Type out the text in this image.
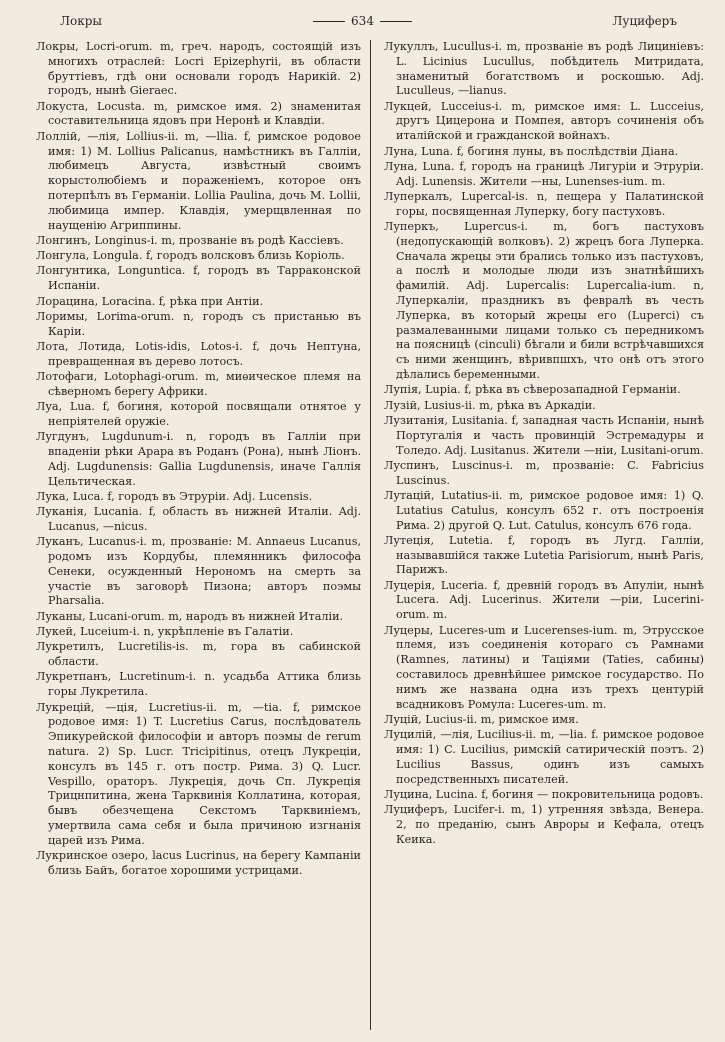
Локры	634	Луциферъ

Локры, Locri-orum. m, греч. народъ, состоящій изъ многихъ отраслей: Locri Epizephyrii, въ области бруттіевъ, гдѣ они основали городъ Нарикій. 2) городъ, нынѣ Gieraec.

Локуста, Locusta. m, римское имя. 2) знаменитая составительница ядовъ при Неронѣ и Клавдіи.

Лоллій, —лія, Lollius-ii. m, —llia. f, римское родовое имя: 1) M. Lollius Palicanus, намѣстникъ въ Галліи, любимецъ Августа, извѣстный своимъ корыстолюбіемъ и пораженіемъ, которое онъ потерпѣлъ въ Германіи. Lollia Paulina, дочь M. Lollii, любимица импер. Клавдія, умерщвленная по наущенію Агриппины.

Лонгинъ, Longinus-i. m, прозваніе въ родѣ Кассіевъ.

Лонгула, Longula. f, городъ волсковъ близь Коріоль.

Лонгунтика, Longuntica. f, городъ въ Тарраконской Испаніи.

Лорацина, Loracina. f, рѣка при Антіи.

Лоримы, Lorima-orum. n, городъ съ пристанью въ Каріи.

Лота, Лотида, Lotis-idis, Lotos-i. f, дочь Нептуна, превращенная въ дерево лотосъ.

Лотофаги, Lotophagi-orum. m, миѳическое племя на сѣверномъ берегу Африки.

Луа, Lua. f, богиня, которой посвящали отнятое у непріятелей оружіе.

Лугдунъ, Lugdunum-i. n, городъ въ Галліи при впаденіи рѣки Арара въ Роданъ (Рона), нынѣ Ліонъ. Adj. Lugdunensis: Gallia Lugdunensis, иначе Галлія Цельтическая.

Лука, Luca. f, городъ въ Этруріи. Adj. Lucensis.

Луканія, Lucania. f, область въ нижней Италіи. Adj. Lucanus, —nicus.

Луканъ, Lucanus-i. m, прозваніе: M. Annaeus Lucanus, родомъ изъ Кордубы, племянникъ философа Сенеки, осужденный Нерономъ на смерть за участіе въ заговорѣ Пизона; авторъ поэмы Pharsalia.

Луканы, Lucani-orum. m, народъ въ нижней Италіи.

Лукей, Luceium-i. n, укрѣпленіе въ Галатіи.

Лукретилъ, Lucretilis-is. m, гора въ сабинской области.

Лукретпанъ, Lucretinum-i. n. усадьба Аттика близь горы Лукретила.

Лукрецій, —ція, Lucretius-ii. m, —tia. f, римское родовое имя: 1) T. Lucretius Carus, послѣдователь Эпикурейской философіи и авторъ поэмы de rerum natura. 2) Sp. Lucr. Tricipitinus, отецъ Лукреціи, консулъ въ 145 г. отъ постр. Рима. 3) Q. Lucr. Vespillo, ораторъ. Лукреція, дочь Сп. Лукреція Трицнпитина, жена Тарквинія Коллатина, которая, бывъ обезчещена Секстомъ Тарквиніемъ, умертвила сама себя и была причиною изгнанія царей изъ Рима.

Лукринское озеро, lacus Lucrinus, на берегу Кампаніи близь Байъ, богатое хорошими устрицами.

Лукуллъ, Lucullus-i. m, прозваніе въ родѣ Лициніевъ: L. Licinius Lucullus, побѣдитель Митридата, знаменитый богатствомъ и роскошью. Adj. Lucullеus, —lianus.

Лукцей, Lucceius-i. m, римское имя: L. Lucceius, другъ Цицерона и Помпея, авторъ сочиненія объ италійской и гражданской войнахъ.

Луна, Luna. f, богиня луны, въ послѣдствіи Діана.

Луна, Luna. f, городъ на границѣ Лигуріи и Этруріи. Adj. Lunensis. Жители —ны, Lunenses-ium. m.

Луперкалъ, Lupercal-is. n, пещера у Палатинской горы, посвященная Луперку, богу пастуховъ.

Луперкъ, Lupercus-i. m, богъ пастуховъ (недопускающій волковъ). 2) жрецъ бога Луперка. Сначала жрецы эти брались только изъ пастуховъ, а послѣ и молодые люди изъ знатнѣйшихъ фамилій. Adj. Lupercalis: Lupercalia-ium. n, Луперкаліи, праздникъ въ февралѣ въ честь Луперка, въ который жрецы его (Luperci) съ размалеванными лицами только съ передникомъ на поясницѣ (cinculi) бѣгали и били встрѣчавшихся съ ними женщинъ, вѣривпшхъ, что онѣ отъ этого дѣлались беременными.

Лупія, Lupia. f, рѣка въ сѣверозападной Германіи.

Лузій, Lusius-ii. m, рѣка въ Аркадіи.

Лузитанія, Lusitania. f, западная часть Испаніи, нынѣ Португалія и часть провинцій Эстремадуры и Толедо. Adj. Lusitanus. Жители —ніи, Lusitani-orum.

Луспинъ, Luscinus-i. m, прозваніе: C. Fabricius Luscinus.

Лутацій, Lutatius-ii. m, римское родовое имя: 1) Q. Lutatius Catulus, консулъ 652 г. отъ построенія Рима. 2) другой Q. Lut. Catulus, консулъ 676 года.

Лутеція, Lutetia. f, городъ въ Лугд. Галліи, называвшійся также Lutetia Parisiorum, нынѣ Paris, Парижъ.

Луцерія, Luceria. f, древній городъ въ Апуліи, нынѣ Lucera. Adj. Lucerinus. Жители —ріи, Lucerini-orum. m.

Луцеры, Luceres-um и Lucerenses-ium. m, Этрусское племя, изъ соединенія котораго съ Рамнами (Ramnes, латины) и Таціями (Tatiеs, сабины) составилось древнѣйшее римское государство. По нимъ же названа одна изъ трехъ центурій всадниковъ Ромула: Luceres-um. m.

Луцій, Lucius-ii. m, римское имя.

Луцилій, —лія, Lucilius-ii. m, —lia. f. римское родовое имя: 1) C. Lucilius, римскій сатирическій поэтъ. 2) Lucilius Bassus, одинъ изъ самыхъ посредственныхъ писателей.

Луцина, Lucina. f, богиня — покровительница родовъ.

Луциферъ, Lucifer-i. m, 1) утренняя звѣзда, Венера. 2, по преданію, сынъ Авроры и Кефала, отецъ Кеика.
